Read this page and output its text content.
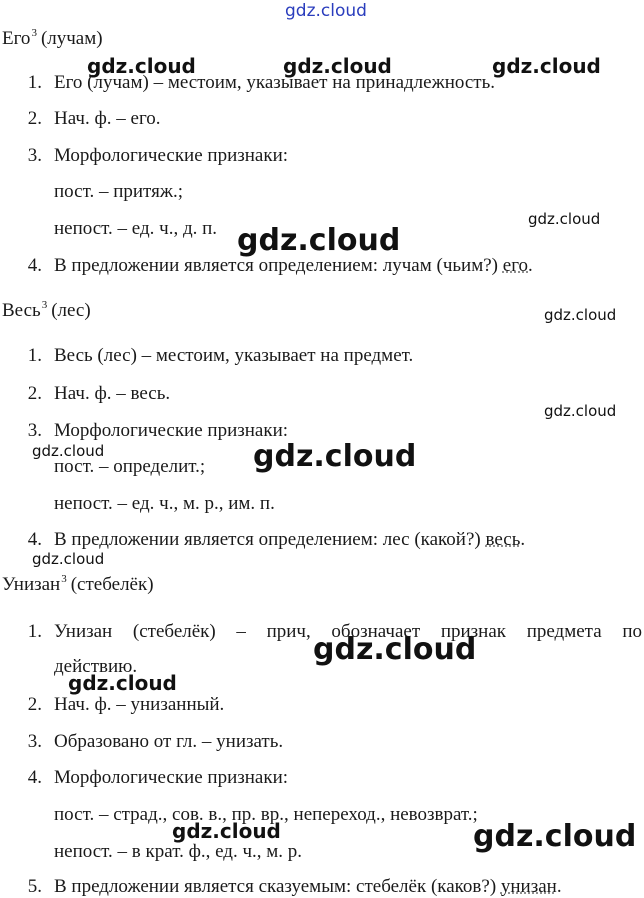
gdz.cloud
gdz.cloud	gdz.cloud	gdz.cloud
gdz.cloud
gdz.cloud
gdz.cloud
gdz.cloud
gdz.cloud	gdz.cloud
gdz.cloud
gdz.cloud
gdz.cloud
gdz.cloud	gdz.cloud
Его$^3$ (лучам)
1. Его (лучам) – местоим, указывает на принадлежность.
2. Нач. ф. – его.
3. Морфологические признаки:
пост. – притяж.;
непост. – ед. ч., д. п.
4. В предложении является определением: лучам (чьим?) его.
Весь$^3$ (лес)
1. Весь (лес) – местоим, указывает на предмет.
2. Нач. ф. – весь.
3. Морфологические признаки:
пост. – определит.;
непост. – ед. ч., м. р., им. п.
4. В предложении является определением: лес (какой?) весь.
Унизан$^3$ (стебелёк)
1. Унизан (стебелёк) – прич, обозначает признак предмета по
действию.
2. Нач. ф. – унизанный.
3. Образовано от гл. – унизать.
4. Морфологические признаки:
пост. – страд., сов. в., пр. вр., непереход., невозврат.;
непост. – в крат. ф., ед. ч., м. р.
5. В предложении является сказуемым: стебелёк (каков?) унизан.
